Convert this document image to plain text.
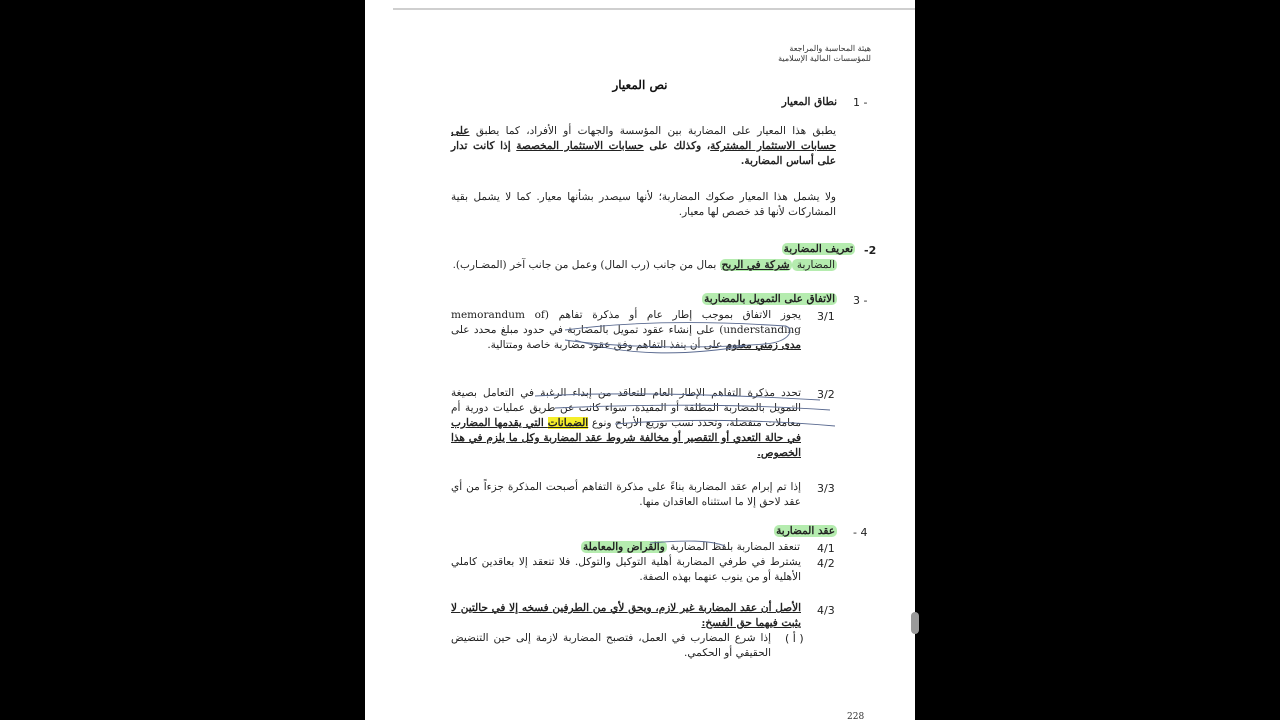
هيئة المحاسبة والمراجعة
للمؤسسات المالية الإسلامية
نص المعيار
1 -
نطاق المعيار
يطبق هذا المعيار على المضاربة بين المؤسسة والجهات أو الأفراد، كما يطبق على حسابات الاستثمار المشتركة، وكذلك على حسابات الاستثمار المخصصة إذا كانت تدار على أساس المضاربة.
ولا يشمل هذا المعيار صكوك المضاربة؛ لأنها سيصدر بشأنها معيار. كما لا يشمل بقية المشاركات لأنها قد خصص لها معيار.
-2
تعريف المضاربة
المضاربة شركة في الربح بمال من جانب (رب المال) وعمل من جانب آخر (المضـارب).
3 -
الاتفاق على التمويل بالمضاربة
3/1
يجوز الاتفاق بموجب إطار عام أو مذكرة تفاهم (memorandum of understanding) على إنشاء عقود تمويل بالمضاربة في حدود مبلغ محدد على مدى زمني معلوم على أن ينفذ التفاهم وفق عقود مضاربة خاصة ومتتالية.
3/2
تحدد مذكرة التفاهم الإطار العام للتعاقد من إبداء الرغبة في التعامل بصيغة التمويل بالمضاربة المطلقة أو المقيدة، سواء كانت عن طريق عمليات دورية أم معاملات منفصلة، وتحدد نسب توزيع الأرباح ونوع الضمانات التي يقدمها المضارب في حالة التعدي أو التقصير أو مخالفة شروط عقد المضاربة وكل ما يلزم في هذا الخصوص.
3/3
إذا تم إبرام عقد المضاربة بناءً على مذكرة التفاهم أصبحت المذكرة جزءاً من أي عقد لاحق إلا ما استثناه العاقدان منها.
- 4
عقد المضاربة
4/1
تنعقد المضاربة بلفظ المضاربة والقراض والمعاملة
4/2
يشترط في طرفي المضاربة أهلية التوكيل والتوكل. فلا تنعقد إلا بعاقدين كاملي الأهلية أو من ينوب عنهما بهذه الصفة.
4/3
الأصل أن عقد المضاربة غير لازم، ويحق لأي من الطرفين فسخه إلا في حالتين لا يثبت فيهما حق الفسخ:
( أ )
إذا شرع المضارب في العمل، فتصبح المضاربة لازمة إلى حين التنضيض الحقيقي أو الحكمي.
228
